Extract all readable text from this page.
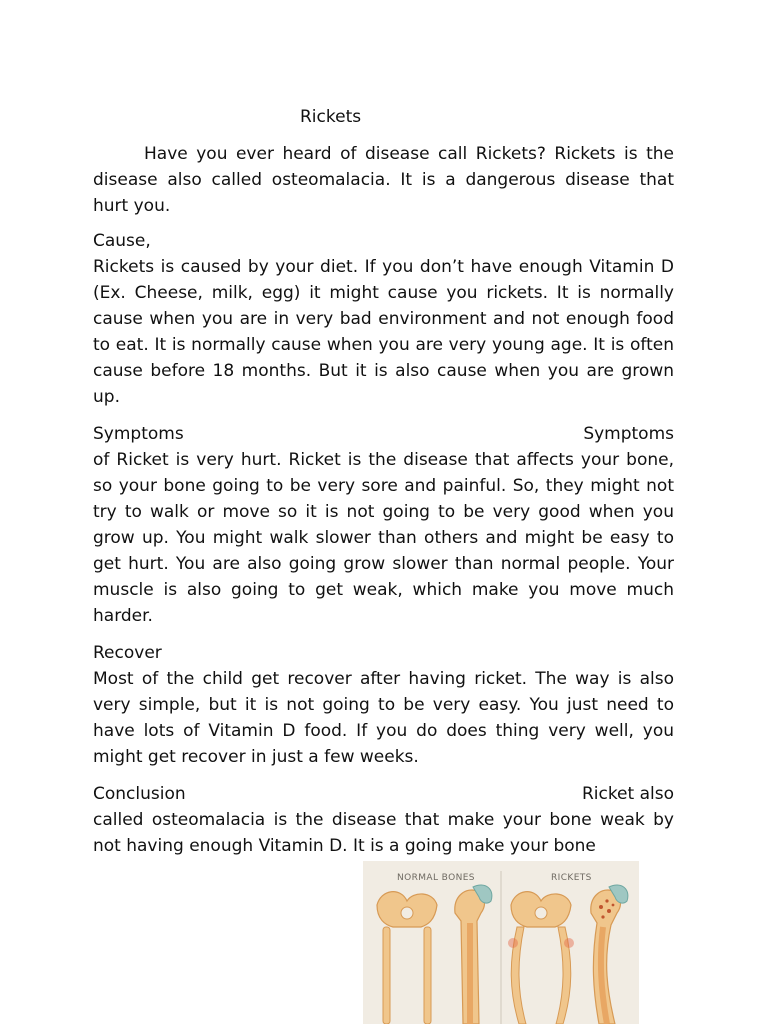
Rickets

Have you ever heard of disease call Rickets? Rickets is the disease also called osteomalacia. It is a dangerous disease that hurt you.

Cause,

Rickets is caused by your diet. If you don’t have enough Vitamin D (Ex. Cheese, milk, egg) it might cause you rickets. It is normally cause when you are in very bad environment and not enough food to eat. It is normally cause when you are very young age. It is often cause before 18 months. But it is also cause when you are grown up.

Symptoms	Symptoms

of Ricket is very hurt. Ricket is the disease that affects your bone, so your bone going to be very sore and painful. So, they might not try to walk or move so it is not going to be very good when you grow up. You might walk slower than others and might be easy to get hurt. You are also going grow slower than normal people. Your muscle is also going to get weak, which make you move much harder.

Recover

Most of the child get recover after having ricket. The way is also very simple, but it is not going to be very easy. You just need to have lots of Vitamin D food. If you do does thing very well, you might get recover in just a few weeks.

Conclusion	Ricket also

called osteomalacia is the disease that make your bone weak by not having enough Vitamin D. It is a going make your bone

NORMAL BONES	RICKETS
